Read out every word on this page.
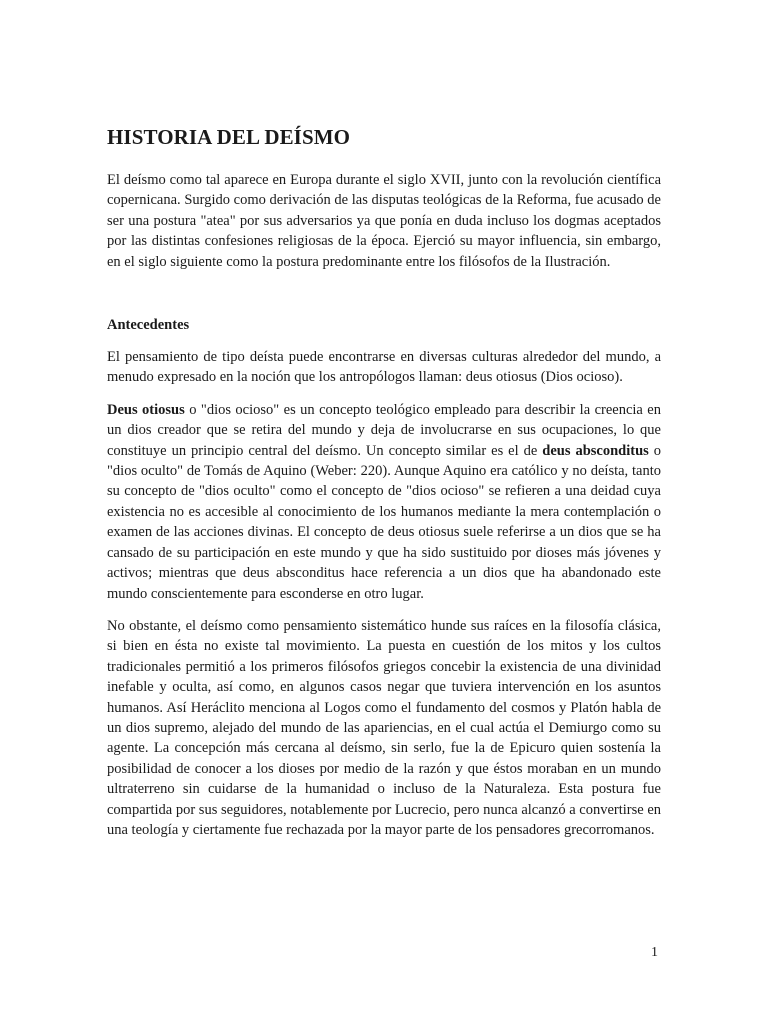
HISTORIA DEL DEÍSMO

El deísmo como tal aparece en Europa durante el siglo XVII, junto con la revolución científica copernicana. Surgido como derivación de las disputas teológicas de la Reforma, fue acusado de ser una postura "atea" por sus adversarios ya que ponía en duda incluso los dogmas aceptados por las distintas confesiones religiosas de la época. Ejerció su mayor influencia, sin embargo, en el siglo siguiente como la postura predominante entre los filósofos de la Ilustración.

Antecedentes

El pensamiento de tipo deísta puede encontrarse en diversas culturas alrededor del mundo, a menudo expresado en la noción que los antropólogos llaman: deus otiosus (Dios ocioso).

Deus otiosus o "dios ocioso" es un concepto teológico empleado para describir la creencia en un dios creador que se retira del mundo y deja de involucrarse en sus ocupaciones, lo que constituye un principio central del deísmo. Un concepto similar es el de deus absconditus o "dios oculto" de Tomás de Aquino (Weber: 220). Aunque Aquino era católico y no deísta, tanto su concepto de "dios oculto" como el concepto de "dios ocioso" se refieren a una deidad cuya existencia no es accesible al conocimiento de los humanos mediante la mera contemplación o examen de las acciones divinas. El concepto de deus otiosus suele referirse a un dios que se ha cansado de su participación en este mundo y que ha sido sustituido por dioses más jóvenes y activos; mientras que deus absconditus hace referencia a un dios que ha abandonado este mundo conscientemente para esconderse en otro lugar.

No obstante, el deísmo como pensamiento sistemático hunde sus raíces en la filosofía clásica, si bien en ésta no existe tal movimiento. La puesta en cuestión de los mitos y los cultos tradicionales permitió a los primeros filósofos griegos concebir la existencia de una divinidad inefable y oculta, así como, en algunos casos negar que tuviera intervención en los asuntos humanos. Así Heráclito menciona al Logos como el fundamento del cosmos y Platón habla de un dios supremo, alejado del mundo de las apariencias, en el cual actúa el Demiurgo como su agente. La concepción más cercana al deísmo, sin serlo, fue la de Epicuro quien sostenía la posibilidad de conocer a los dioses por medio de la razón y que éstos moraban en un mundo ultraterreno sin cuidarse de la humanidad o incluso de la Naturaleza. Esta postura fue compartida por sus seguidores, notablemente por Lucrecio, pero nunca alcanzó a convertirse en una teología y ciertamente fue rechazada por la mayor parte de los pensadores grecorromanos.

1
